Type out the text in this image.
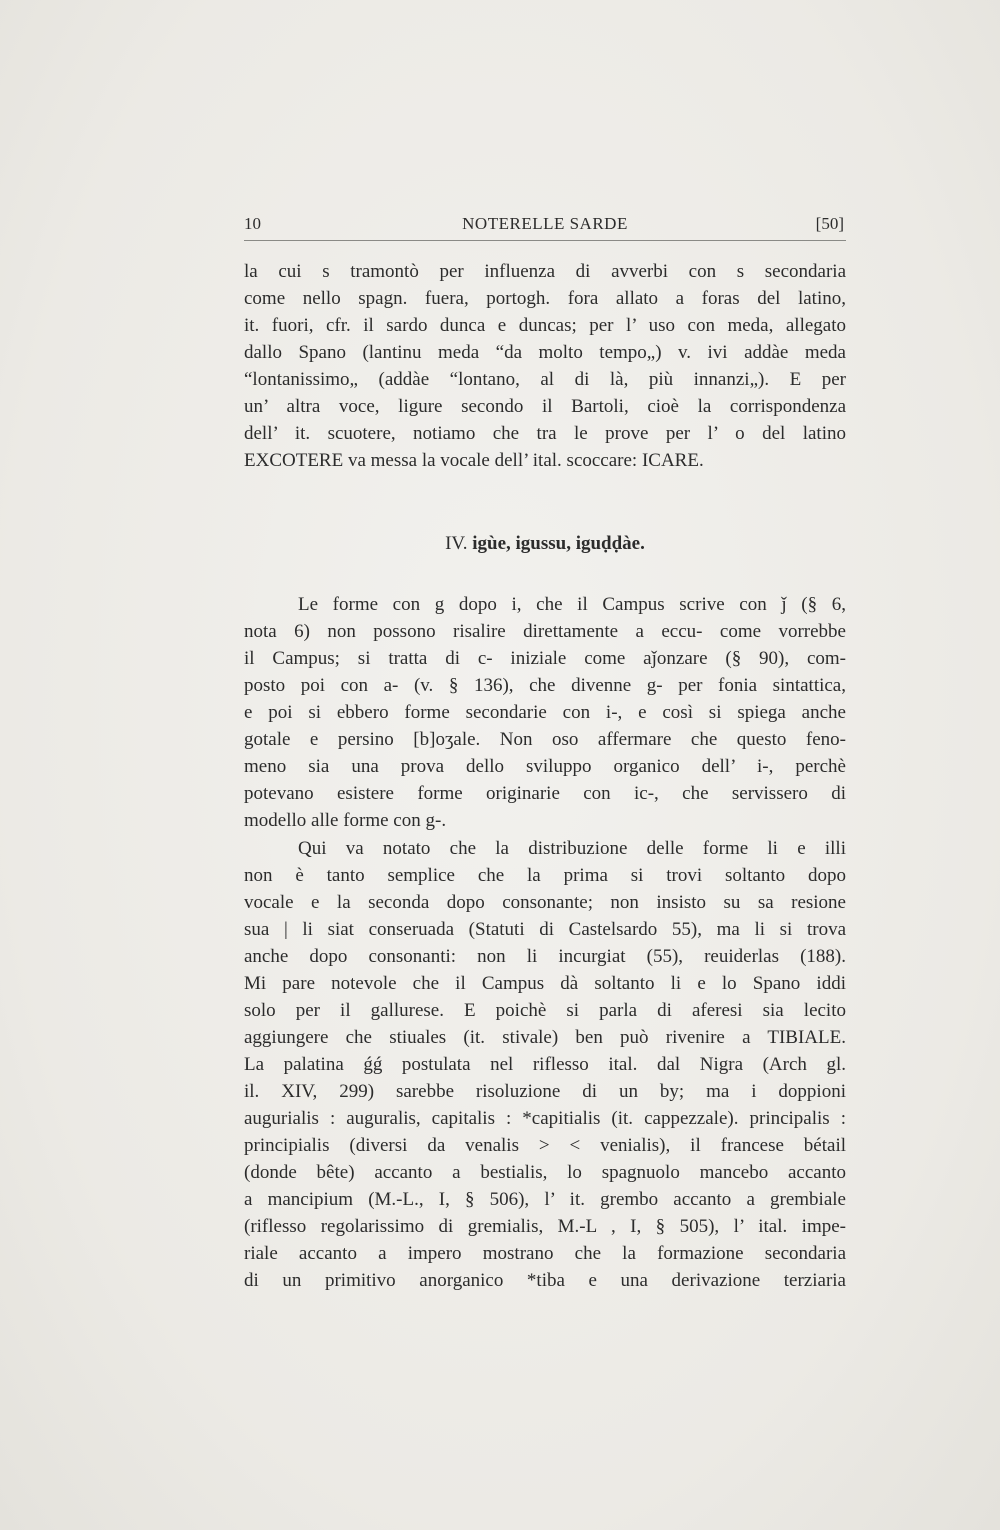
10	NOTERELLE SARDE	[50]
la cui s tramontò per influenza di avverbi con s secondaria
come nello spagn. fuera, portogh. fora allato a foras del latino,
it. fuori, cfr. il sardo dunca e duncas; per l’ uso con meda, allegato
dallo Spano (lantinu meda “da molto tempo„) v. ivi addàe meda
“lontanissimo„ (addàe “lontano, al di là, più innanzi„). E per
un’ altra voce, ligure secondo il Bartoli, cioè la corrispondenza
dell’ it. scuotere, notiamo che tra le prove per l’ o del latino
EXCOTERE va messa la vocale dell’ ital. scoccare: ICARE.
IV. igùe, igussu, iguḍḍàe.
Le forme con g dopo i, che il Campus scrive con ǰ (§ 6,
nota 6) non possono risalire direttamente a eccu- come vorrebbe
il Campus; si tratta di c- iniziale come aǰonzare (§ 90), com-
posto poi con a- (v. § 136), che divenne g- per fonia sintattica,
e poi si ebbero forme secondarie con i-, e così si spiega anche
gotale e persino [b]oʒale. Non oso affermare che questo feno-
meno sia una prova dello sviluppo organico dell’ i-, perchè
potevano esistere forme originarie con ic-, che servissero di
modello alle forme con g-.
Qui va notato che la distribuzione delle forme li e illi
non è tanto semplice che la prima si trovi soltanto dopo
vocale e la seconda dopo consonante; non insisto su sa resione
sua | li siat conseruada (Statuti di Castelsardo 55), ma li si trova
anche dopo consonanti: non li incurgiat (55), reuiderlas (188).
Mi pare notevole che il Campus dà soltanto li e lo Spano iddi
solo per il gallurese. E poichè si parla di aferesi sia lecito
aggiungere che stiuales (it. stivale) ben può rivenire a TIBIALE.
La palatina ǵǵ postulata nel riflesso ital. dal Nigra (Arch gl.
il. XIV, 299) sarebbe risoluzione di un by; ma i doppioni
augurialis : auguralis, capitalis : *capitialis (it. cappezzale). principalis :
principialis (diversi da venalis > < venialis), il francese bétail
(donde bête) accanto a bestialis, lo spagnuolo mancebo accanto
a mancipium (M.-L., I, § 506), l’ it. grembo accanto a grembiale
(riflesso regolarissimo di gremialis, M.-L , I, § 505), l’ ital. impe-
riale accanto a impero mostrano che la formazione secondaria
di un primitivo anorganico *tiba e una derivazione terziaria
